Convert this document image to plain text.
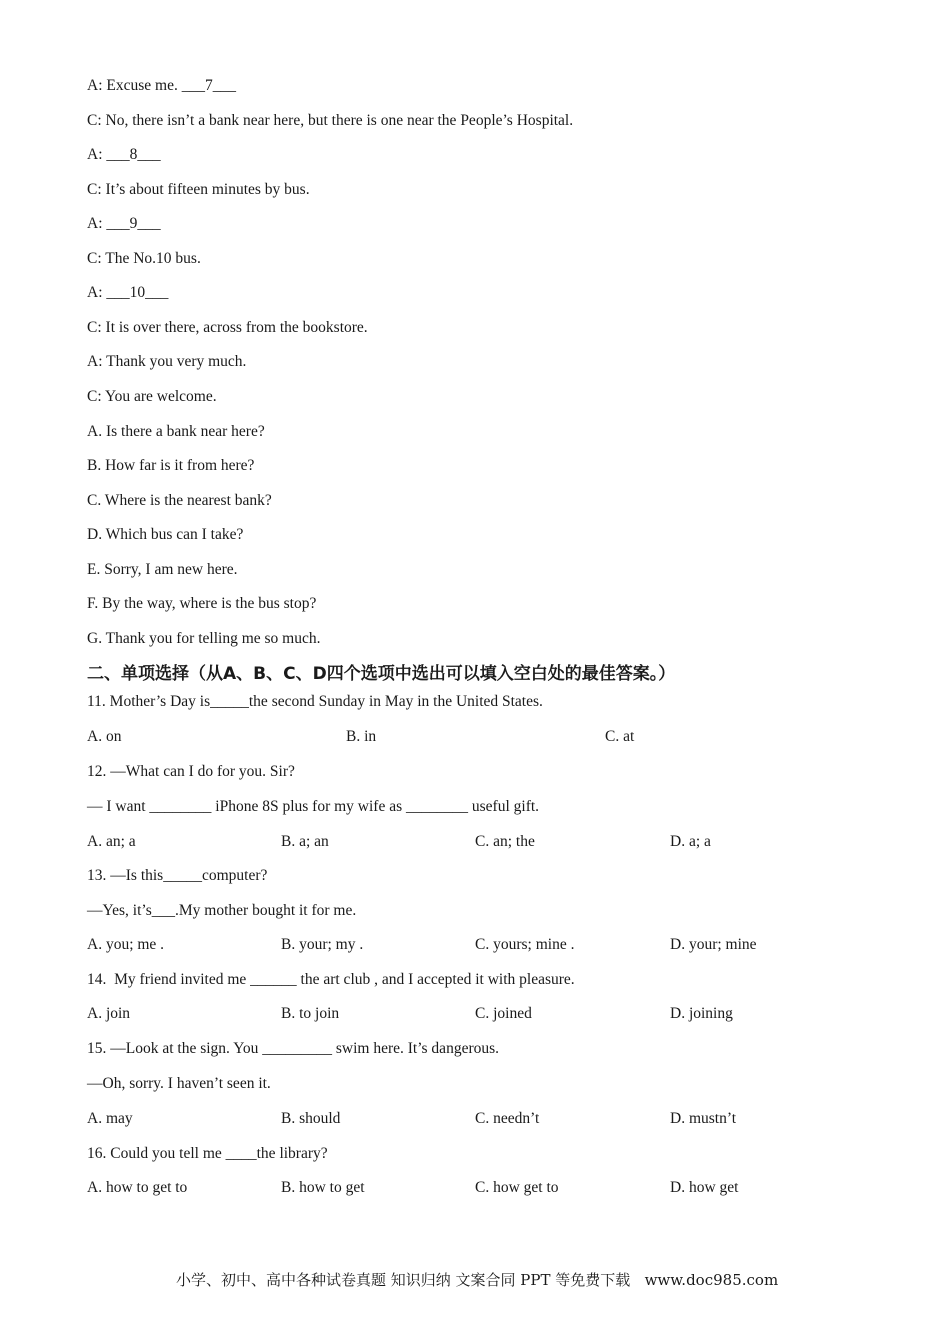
A: Excuse me. ___7___
C: No, there isn’t a bank near here, but there is one near the People’s Hospital.
A: ___8___
C: It’s about fifteen minutes by bus.
A: ___9___
C: The No.10 bus.
A: ___10___
C: It is over there, across from the bookstore.
A: Thank you very much.
C: You are welcome.
A. Is there a bank near here?
B. How far is it from here?
C. Where is the nearest bank?
D. Which bus can I take?
E. Sorry, I am new here.
F. By the way, where is the bus stop?
G. Thank you for telling me so much.
二、单项选择（从A、B、C、D四个选项中选出可以填入空白处的最佳答案。）
11. Mother’s Day is_____the second Sunday in May in the United States.
A. on	B. in	C. at
12. —What can I do for you. Sir?
— I want ________ iPhone 8S plus for my wife as ________ useful gift.
A. an; a	B. a; an	C. an; the	D. a; a
13. —Is this_____computer?
—Yes, it’s___.My mother bought it for me.
A. you; me .	B. your; my .	C. yours; mine .	D. your; mine
14.  My friend invited me ______ the art club , and I accepted it with pleasure.
A. join	B. to join	C. joined	D. joining
15. —Look at the sign. You _________ swim here. It’s dangerous.
—Oh, sorry. I haven’t seen it.
A. may	B. should	C. needn’t	D. mustn’t
16. Could you tell me ____the library?
A. how to get to	B. how to get	C. how get to	D. how get
小学、初中、高中各种试卷真题 知识归纳 文案合同 PPT 等免费下载   www.doc985.com
